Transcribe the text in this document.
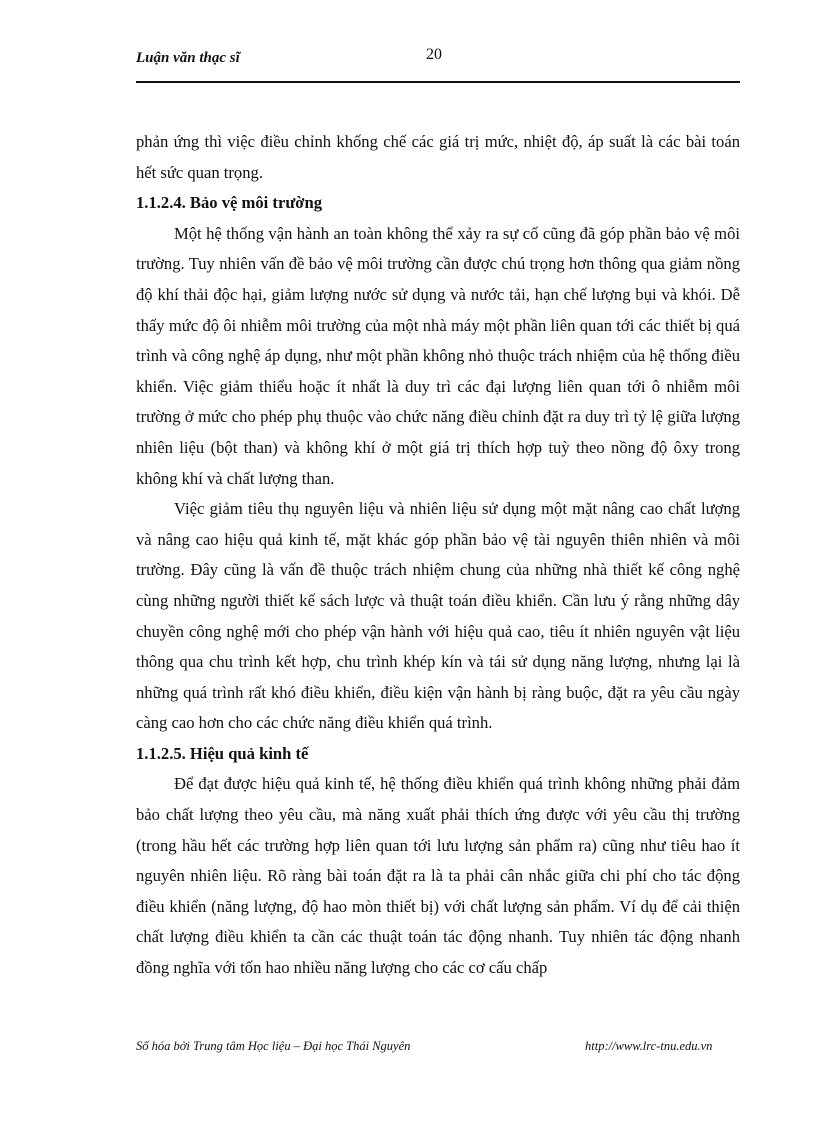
Luận văn thạc sĩ	20

phản ứng thì việc điều chỉnh khống chế các giá trị mức, nhiệt độ, áp suất là các bài toán hết sức quan trọng.

1.1.2.4. Bảo vệ môi trường

Một hệ thống vận hành an toàn không thể xảy ra sự cố cũng đã góp phần bảo vệ môi trường. Tuy nhiên vấn đề bảo vệ môi trường cần được chú trọng hơn thông qua giảm nồng độ khí thải độc hại, giảm lượng nước sử dụng và nước tải, hạn chế lượng bụi và khói. Dễ thấy mức độ ôi nhiễm môi trường của một nhà máy một phần liên quan tới các thiết bị quá trình và công nghệ áp dụng, như một phần không nhỏ thuộc trách nhiệm của hệ thống điều khiển. Việc giảm thiểu hoặc ít nhất là duy trì các đại lượng liên quan tới ô nhiễm môi trường ở mức cho phép phụ thuộc vào chức năng điều chỉnh đặt ra duy trì tỷ lệ giữa lượng nhiên liệu (bột than) và không khí ở một giá trị thích hợp tuỳ theo nồng độ ôxy trong không khí và chất lượng than.

Việc giảm tiêu thụ nguyên liệu và nhiên liệu sử dụng một mặt nâng cao chất lượng và nâng cao hiệu quả kinh tế, mặt khác góp phần bảo vệ tài nguyên thiên nhiên và môi trường. Đây cũng là vấn đề thuộc trách nhiệm chung của những nhà thiết kế công nghệ cùng những người thiết kế sách lược và thuật toán điều khiển. Cần lưu ý rằng những dây chuyền công nghệ mới cho phép vận hành với hiệu quả cao, tiêu ít nhiên nguyên vật liệu thông qua chu trình kết hợp, chu trình khép kín và tái sử dụng năng lượng, nhưng lại là những quá trình rất khó điều khiển, điều kiện vận hành bị ràng buộc, đặt ra yêu cầu ngày càng cao hơn cho các chức năng điều khiển quá trình.

1.1.2.5. Hiệu quả kinh tế

Để đạt được hiệu quả kinh tế, hệ thống điều khiển quá trình không những phải đảm bảo chất lượng theo yêu cầu, mà năng xuất phải thích ứng được với yêu cầu thị trường (trong hầu hết các trường hợp liên quan tới lưu lượng sản phẩm ra) cũng như tiêu hao ít nguyên nhiên liệu. Rõ ràng bài toán đặt ra là ta phải cân nhắc giữa chi phí cho tác động điều khiển (năng lượng, độ hao mòn thiết bị) với chất lượng sản phẩm. Ví dụ để cải thiện chất lượng điều khiển ta cần các thuật toán tác động nhanh. Tuy nhiên tác động nhanh đồng nghĩa với tốn hao nhiều năng lượng cho các cơ cấu chấp

Số hóa bởi Trung tâm Học liệu – Đại học Thái Nguyên	http://www.lrc-tnu.edu.vn
